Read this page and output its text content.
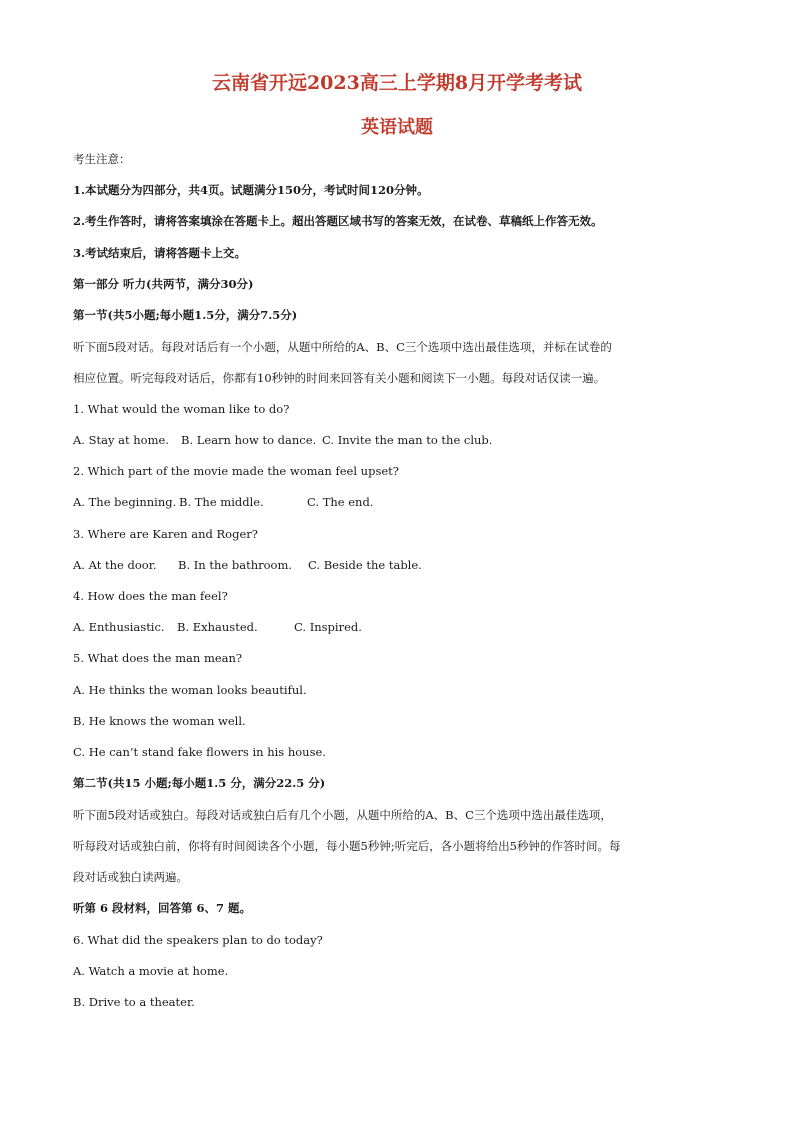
云南省开远2023高三上学期8月开学考考试
英语试题
考生注意：
1.本试题分为四部分，共4页。试题满分150分，考试时间120分钟。
2.考生作答时，请将答案填涂在答题卡上。超出答题区域书写的答案无效，在试卷、草稿纸上作答无效。
3.考试结束后，请将答题卡上交。
第一部分 听力(共两节，满分30分)
第一节(共5小题;每小题1.5分，满分7.5分)
听下面5段对话。每段对话后有一个小题，从题中所给的A、B、C三个选项中选出最佳选项，并标在试卷的
相应位置。听完每段对话后，你都有10秒钟的时间来回答有关小题和阅读下一小题。每段对话仅读一遍。
1. What would the woman like to do?
A. Stay at home. B. Learn how to dance. C. Invite the man to the club.
2. Which part of the movie made the woman feel upset?
A. The beginning. B. The middle.	C. The end.
3. Where are Karen and Roger?
A. At the door. B. In the bathroom. C. Beside the table.
4. How does the man feel?
A. Enthusiastic. B. Exhausted.	C. Inspired.
5. What does the man mean?
A. He thinks the woman looks beautiful.
B. He knows the woman well.
C. He can’t stand fake flowers in his house.
第二节(共15 小题;每小题1.5 分，满分22.5 分)
听下面5段对话或独白。每段对话或独白后有几个小题，从题中所给的A、B、C三个选项中选出最佳选项，
听每段对话或独白前，你将有时间阅读各个小题，每小题5秒钟;听完后，各小题将给出5秒钟的作答时间。每
段对话或独白读两遍。
听第 6 段材料，回答第 6、7 题。
6. What did the speakers plan to do today?
A. Watch a movie at home.
B. Drive to a theater.
